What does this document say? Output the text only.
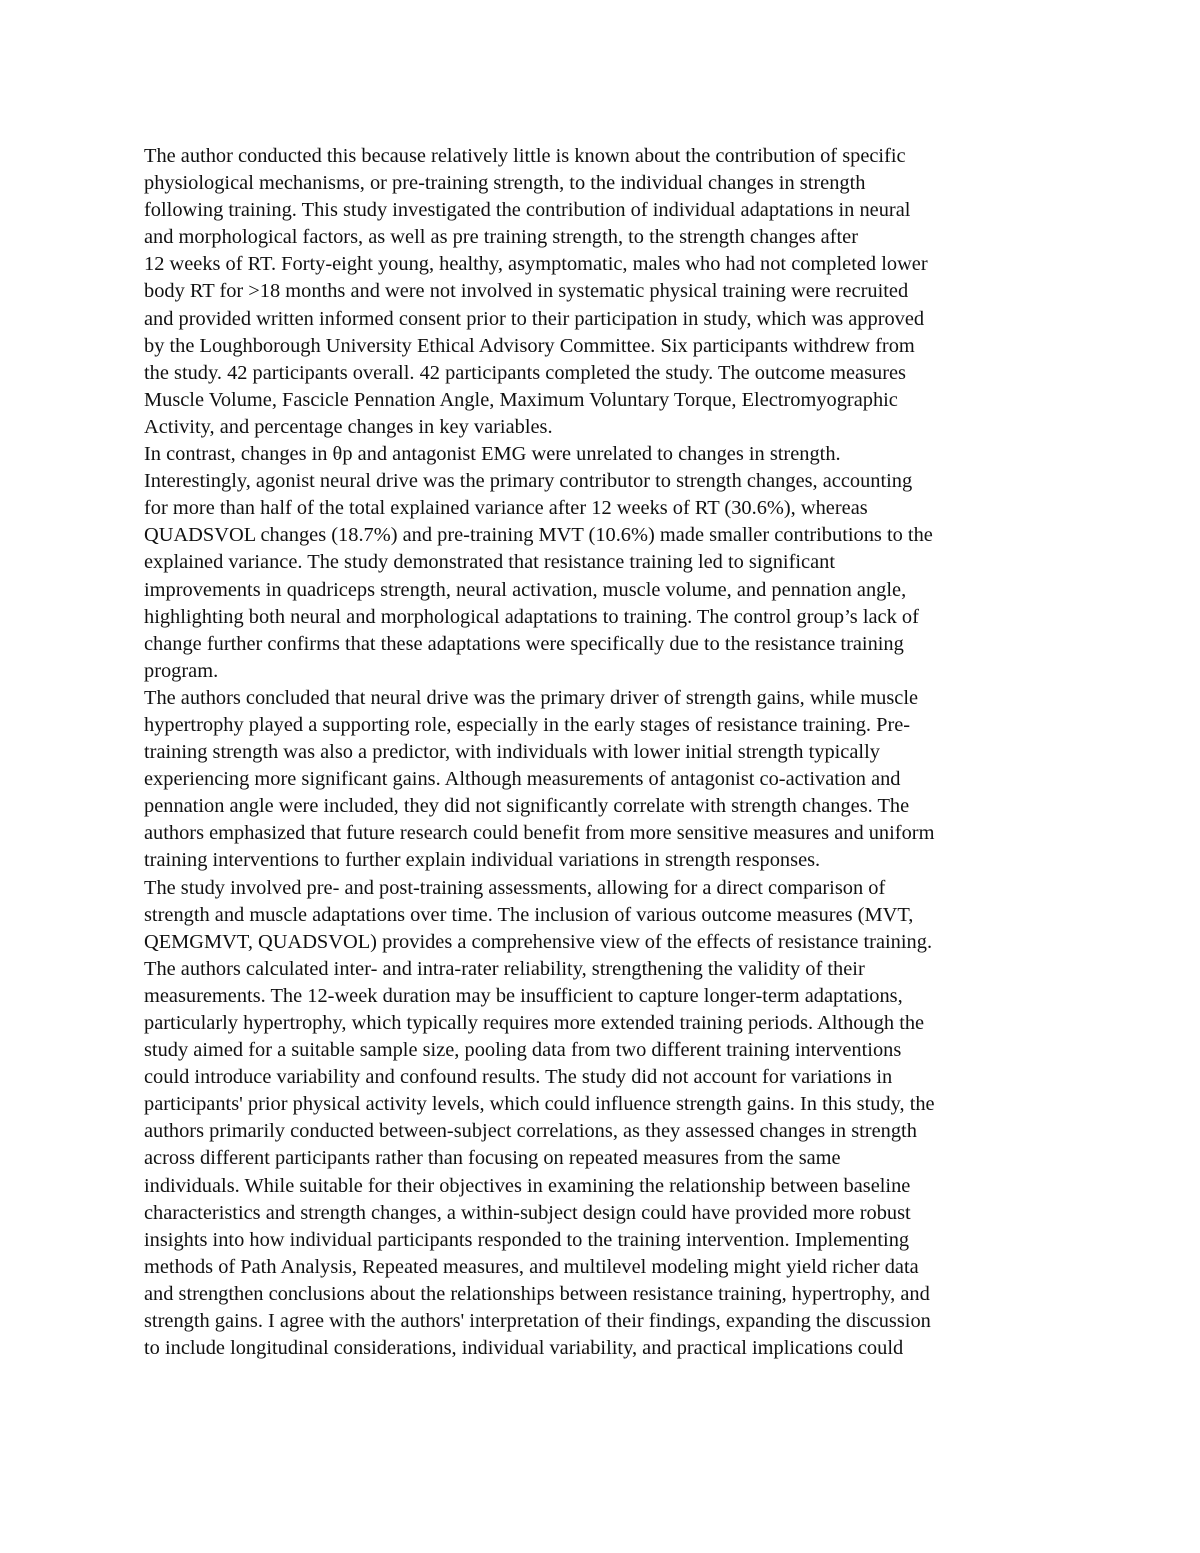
The author conducted this because relatively little is known about the contribution of specific
physiological mechanisms, or pre-training strength, to the individual changes in strength
following training. This study investigated the contribution of individual adaptations in neural
and morphological factors, as well as pre training strength, to the strength changes after
12 weeks of RT. Forty-eight young, healthy, asymptomatic, males who had not completed lower
body RT for >18 months and were not involved in systematic physical training were recruited
and provided written informed consent prior to their participation in study, which was approved
by the Loughborough University Ethical Advisory Committee. Six participants withdrew from
the study. 42 participants overall. 42 participants completed the study. The outcome measures
Muscle Volume, Fascicle Pennation Angle, Maximum Voluntary Torque, Electromyographic
Activity, and percentage changes in key variables.
In contrast, changes in θp and antagonist EMG were unrelated to changes in strength.
Interestingly, agonist neural drive was the primary contributor to strength changes, accounting
for more than half of the total explained variance after 12 weeks of RT (30.6%), whereas
QUADSVOL changes (18.7%) and pre-training MVT (10.6%) made smaller contributions to the
explained variance. The study demonstrated that resistance training led to significant
improvements in quadriceps strength, neural activation, muscle volume, and pennation angle,
highlighting both neural and morphological adaptations to training. The control group’s lack of
change further confirms that these adaptations were specifically due to the resistance training
program.
The authors concluded that neural drive was the primary driver of strength gains, while muscle
hypertrophy played a supporting role, especially in the early stages of resistance training. Pre-
training strength was also a predictor, with individuals with lower initial strength typically
experiencing more significant gains. Although measurements of antagonist co-activation and
pennation angle were included, they did not significantly correlate with strength changes. The
authors emphasized that future research could benefit from more sensitive measures and uniform
training interventions to further explain individual variations in strength responses.
The study involved pre- and post-training assessments, allowing for a direct comparison of
strength and muscle adaptations over time. The inclusion of various outcome measures (MVT,
QEMGMVT, QUADSVOL) provides a comprehensive view of the effects of resistance training.
The authors calculated inter- and intra-rater reliability, strengthening the validity of their
measurements. The 12-week duration may be insufficient to capture longer-term adaptations,
particularly hypertrophy, which typically requires more extended training periods. Although the
study aimed for a suitable sample size, pooling data from two different training interventions
could introduce variability and confound results. The study did not account for variations in
participants' prior physical activity levels, which could influence strength gains. In this study, the
authors primarily conducted between-subject correlations, as they assessed changes in strength
across different participants rather than focusing on repeated measures from the same
individuals. While suitable for their objectives in examining the relationship between baseline
characteristics and strength changes, a within-subject design could have provided more robust
insights into how individual participants responded to the training intervention. Implementing
methods of Path Analysis, Repeated measures, and multilevel modeling might yield richer data
and strengthen conclusions about the relationships between resistance training, hypertrophy, and
strength gains. I agree with the authors' interpretation of their findings, expanding the discussion
to include longitudinal considerations, individual variability, and practical implications could
